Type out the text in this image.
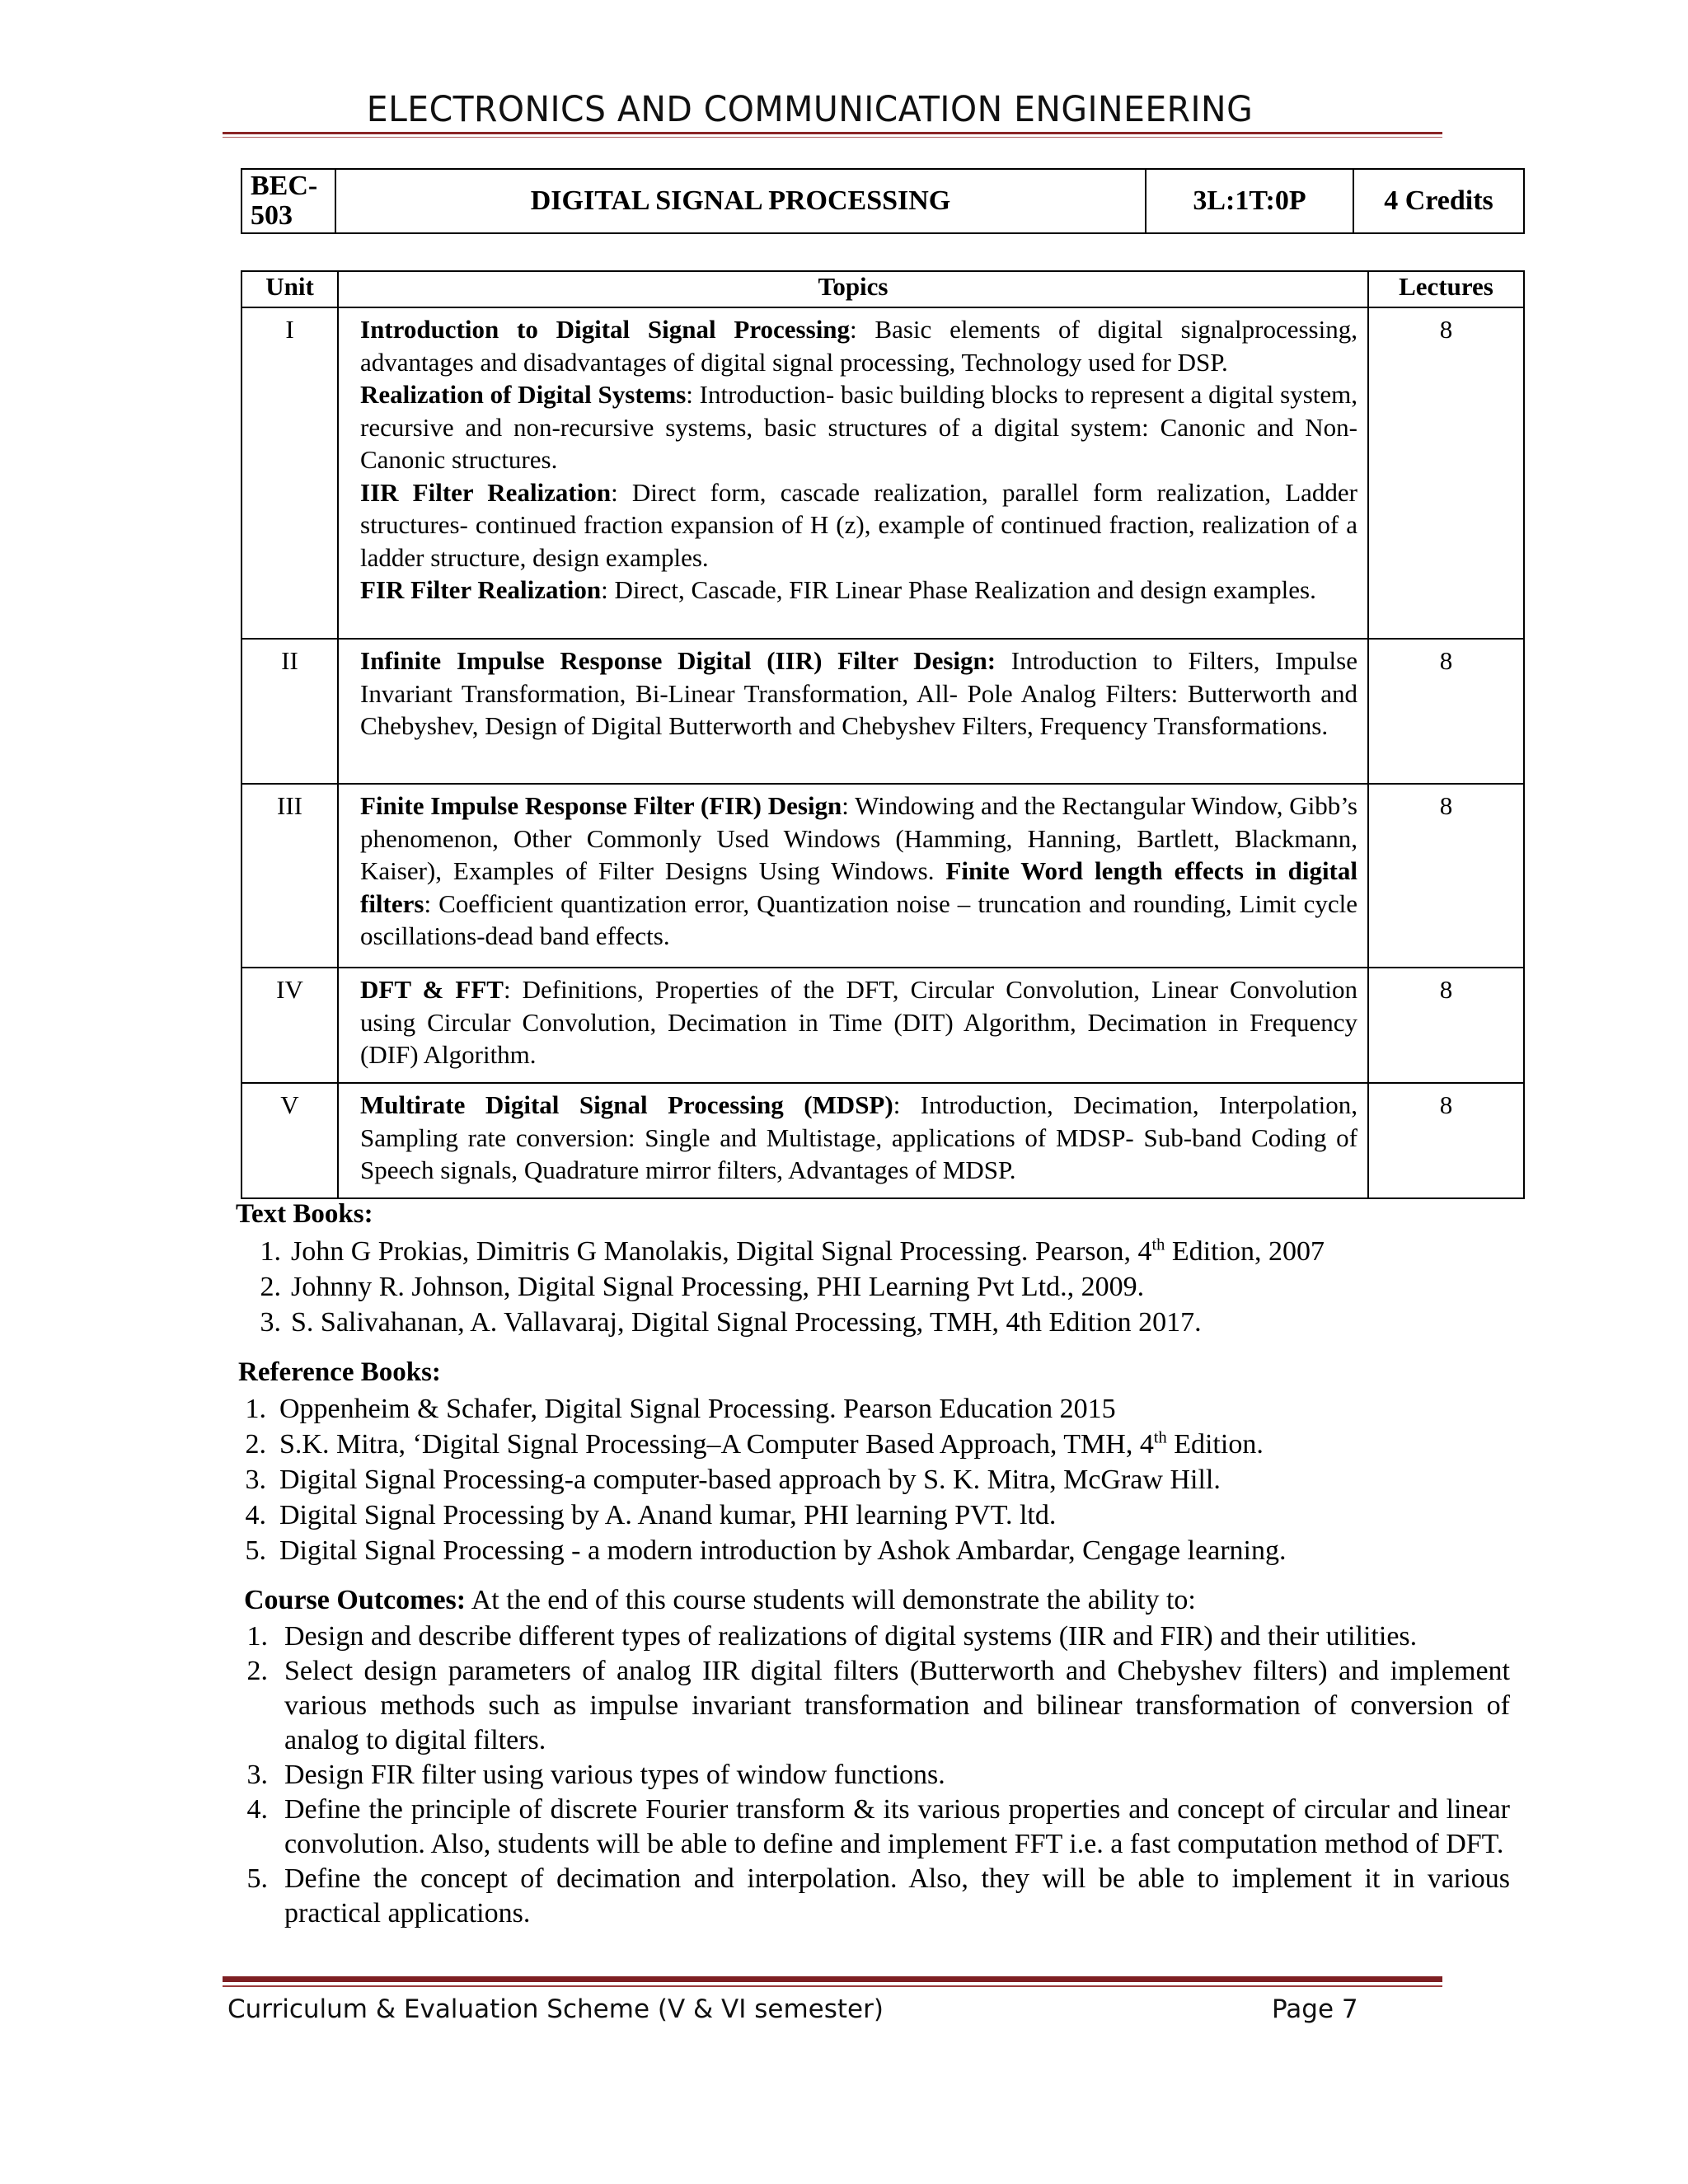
ELECTRONICS AND COMMUNICATION ENGINEERING
BEC-503	DIGITAL SIGNAL PROCESSING	3L:1T:0P	4 Credits
Unit	Topics	Lectures
I	Introduction to Digital Signal Processing: Basic elements of digital signalprocessing, advantages and disadvantages of digital signal processing, Technology used for DSP.

Realization of Digital Systems: Introduction- basic building blocks to represent a digital system, recursive and non-recursive systems, basic structures of a digital system: Canonic and Non-Canonic structures.

IIR Filter Realization: Direct form, cascade realization, parallel form realization, Ladder structures- continued fraction expansion of H (z), example of continued fraction, realization of a ladder structure, design examples.

FIR Filter Realization: Direct, Cascade, FIR Linear Phase Realization and design examples.	8
II	Infinite Impulse Response Digital (IIR) Filter Design: Introduction to Filters, Impulse Invariant Transformation, Bi-Linear Transformation, All- Pole Analog Filters: Butterworth and Chebyshev, Design of Digital Butterworth and Chebyshev Filters, Frequency Transformations.	8
III	Finite Impulse Response Filter (FIR) Design: Windowing and the Rectangular Window, Gibb’s phenomenon, Other Commonly Used Windows (Hamming, Hanning, Bartlett, Blackmann, Kaiser), Examples of Filter Designs Using Windows. Finite Word length effects in digital filters: Coefficient quantization error, Quantization noise – truncation and rounding, Limit cycle oscillations-dead band effects.	8
IV	DFT & FFT: Definitions, Properties of the DFT, Circular Convolution, Linear Convolution using Circular Convolution, Decimation in Time (DIT) Algorithm, Decimation in Frequency (DIF) Algorithm.	8
V	Multirate Digital Signal Processing (MDSP): Introduction, Decimation, Interpolation, Sampling rate conversion: Single and Multistage, applications of MDSP- Sub-band Coding of Speech signals, Quadrature mirror filters, Advantages of MDSP.	8
Text Books:
1. John G Prokias, Dimitris G Manolakis, Digital Signal Processing. Pearson, 4th Edition, 2007
2. Johnny R. Johnson, Digital Signal Processing, PHI Learning Pvt Ltd., 2009.
3. S. Salivahanan, A. Vallavaraj, Digital Signal Processing, TMH, 4th Edition 2017.
Reference Books:
1. Oppenheim & Schafer, Digital Signal Processing. Pearson Education 2015
2. S.K. Mitra, ‘Digital Signal Processing–A Computer Based Approach, TMH, 4th Edition.
3. Digital Signal Processing-a computer-based approach by S. K. Mitra, McGraw Hill.
4. Digital Signal Processing by A. Anand kumar, PHI learning PVT. ltd.
5. Digital Signal Processing - a modern introduction by Ashok Ambardar, Cengage learning.
Course Outcomes: At the end of this course students will demonstrate the ability to:
1. Design and describe different types of realizations of digital systems (IIR and FIR) and their utilities.
2. Select design parameters of analog IIR digital filters (Butterworth and Chebyshev filters) and implement various methods such as impulse invariant transformation and bilinear transformation of conversion of analog to digital filters.
3. Design FIR filter using various types of window functions.
4. Define the principle of discrete Fourier transform & its various properties and concept of circular and linear convolution. Also, students will be able to define and implement FFT i.e. a fast computation method of DFT.
5. Define the concept of decimation and interpolation. Also, they will be able to implement it in various practical applications.
Curriculum & Evaluation Scheme (V & VI semester)	Page 7
